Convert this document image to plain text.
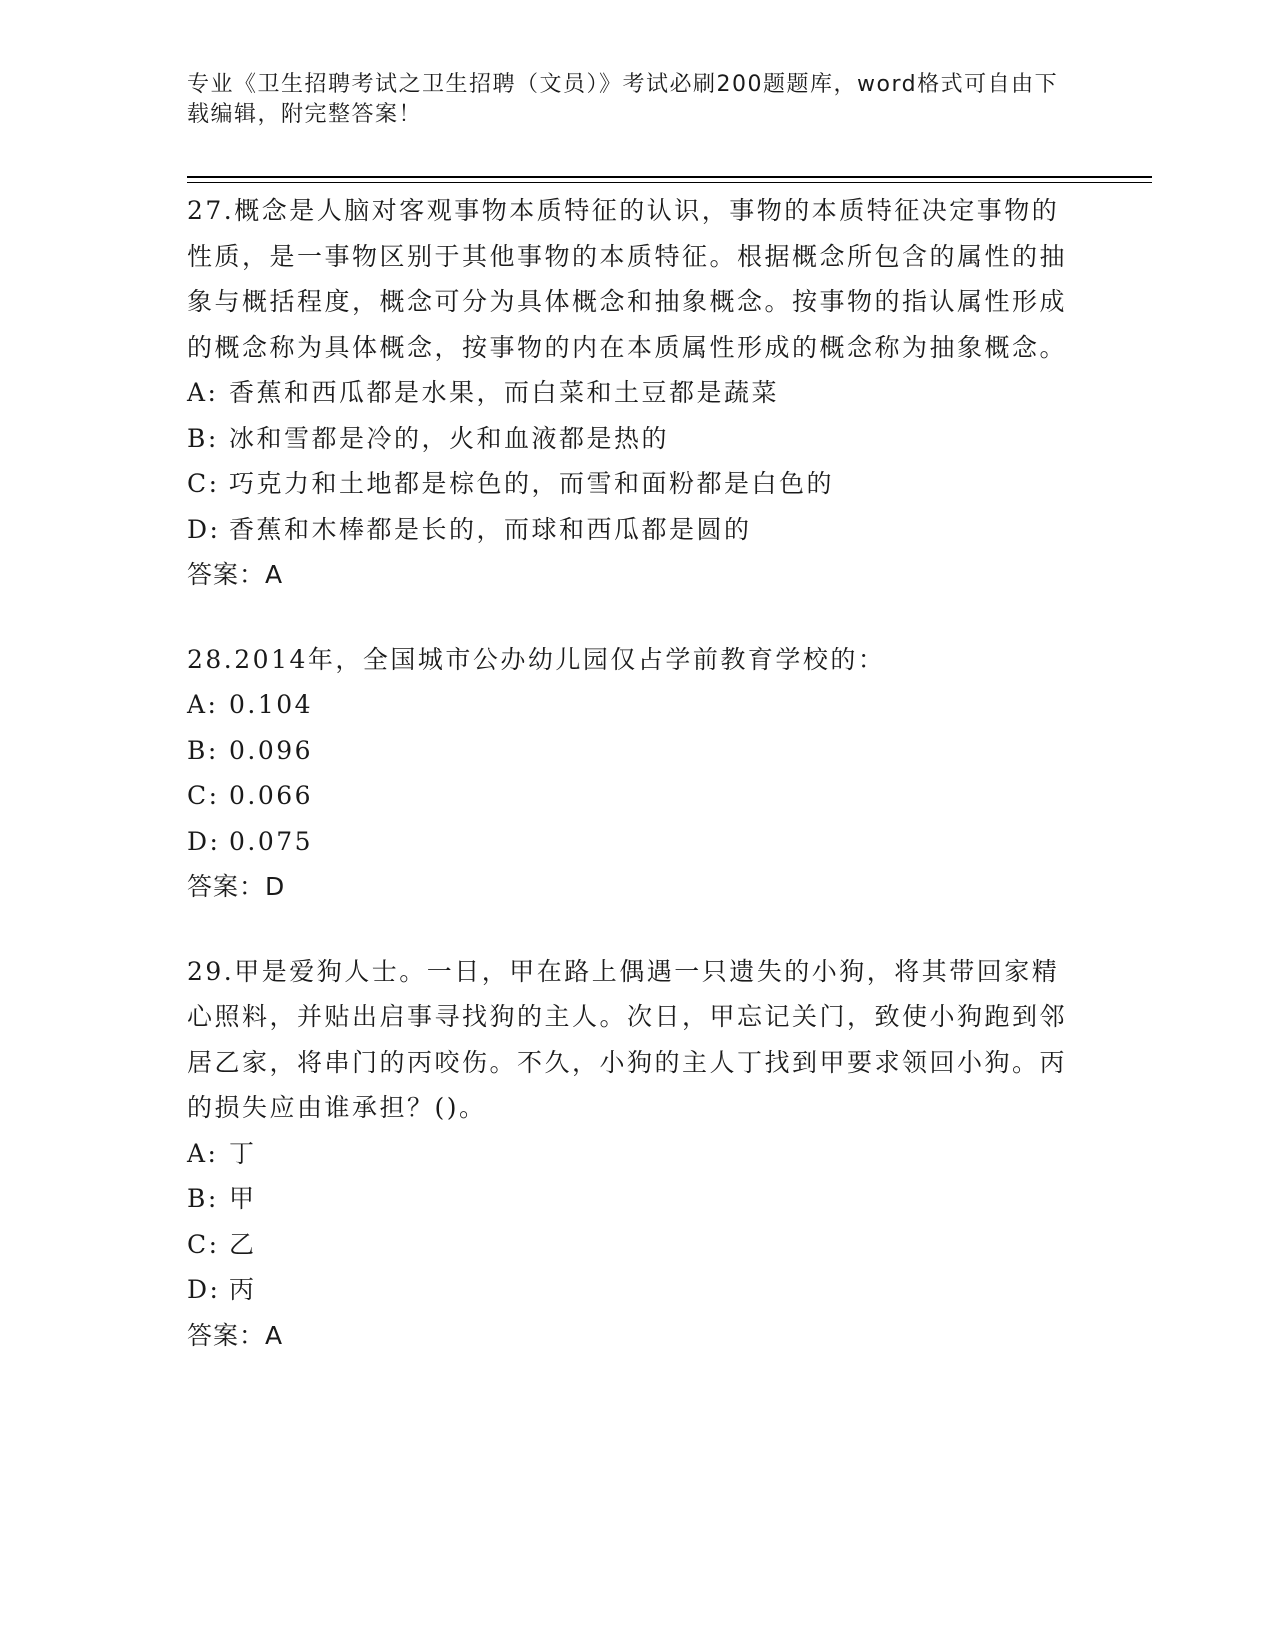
专业《卫生招聘考试之卫生招聘（文员）》考试必刷200题题库，word格式可自由下载编辑，附完整答案！

27.概念是人脑对客观事物本质特征的认识，事物的本质特征决定事物的性质，是一事物区别于其他事物的本质特征。根据概念所包含的属性的抽象与概括程度，概念可分为具体概念和抽象概念。按事物的指认属性形成的概念称为具体概念，按事物的内在本质属性形成的概念称为抽象概念。

A: 香蕉和西瓜都是水果，而白菜和土豆都是蔬菜
B: 冰和雪都是冷的，火和血液都是热的
C: 巧克力和土地都是棕色的，而雪和面粉都是白色的
D: 香蕉和木棒都是长的，而球和西瓜都是圆的
答案：A

28.2014年，全国城市公办幼儿园仅占学前教育学校的：

A: 0.104
B: 0.096
C: 0.066
D: 0.075
答案：D

29.甲是爱狗人士。一日，甲在路上偶遇一只遗失的小狗，将其带回家精心照料，并贴出启事寻找狗的主人。次日，甲忘记关门，致使小狗跑到邻居乙家，将串门的丙咬伤。不久，小狗的主人丁找到甲要求领回小狗。丙的损失应由谁承担？()。

A: 丁
B: 甲
C: 乙
D: 丙
答案：A
